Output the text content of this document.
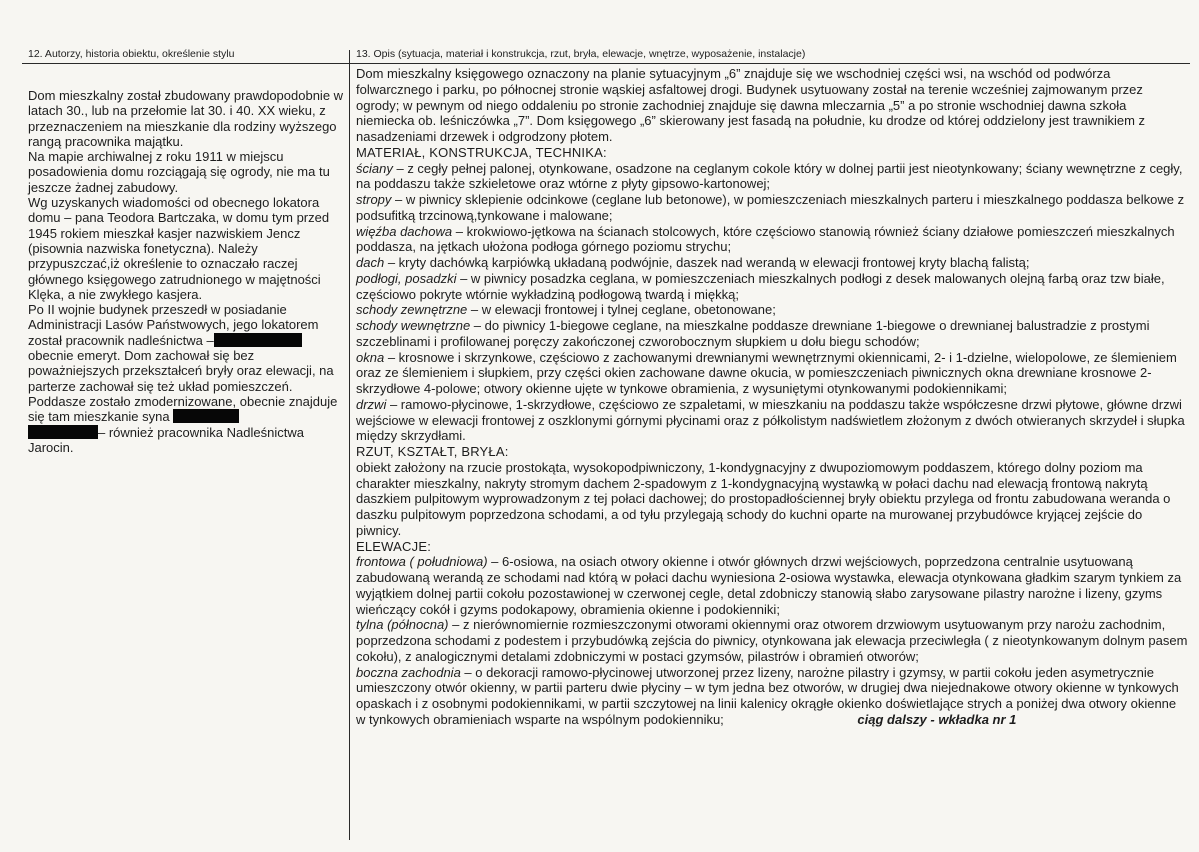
12. Autorzy, historia obiektu, określenie stylu	13. Opis (sytuacja, materiał i konstrukcja, rzut, bryła, elewacje, wnętrze, wyposażenie, instalacje)

Dom mieszkalny został zbudowany prawdopodobnie w latach 30., lub na przełomie lat 30. i 40. XX wieku, z przeznaczeniem na mieszkanie dla rodziny wyższego rangą pracownika majątku.

Na mapie archiwalnej z roku 1911 w miejscu posadowienia domu rozciągają się ogrody, nie ma tu jeszcze żadnej zabudowy.

Wg uzyskanych wiadomości od obecnego lokatora domu – pana Teodora Bartczaka, w domu tym przed 1945 rokiem mieszkał kasjer nazwiskiem Jencz (pisownia nazwiska fonetyczna). Należy przypuszczać,iż określenie to oznaczało raczej głównego księgowego zatrudnionego w majętności Klęka, a nie zwykłego kasjera.

Po II wojnie budynek przeszedł w posiadanie Administracji Lasów Państwowych, jego lokatorem został pracownik nadleśnictwa – obecnie emeryt. Dom zachował się bez poważniejszych przekształceń bryły oraz elewacji, na parterze zachował się też układ pomieszczeń. Poddasze zostało zmodernizowane, obecnie znajduje się tam mieszkanie syna
– również pracownika Nadleśnictwa Jarocin.

Dom mieszkalny księgowego oznaczony na planie sytuacyjnym „6” znajduje się we wschodniej części wsi, na wschód od podwórza folwarcznego i parku, po północnej stronie wąskiej asfaltowej drogi. Budynek usytuowany został na terenie wcześniej zajmowanym przez ogrody; w pewnym od niego oddaleniu po stronie zachodniej znajduje się dawna mleczarnia „5” a po stronie wschodniej dawna szkoła niemiecka ob. leśniczówka „7”. Dom księgowego „6” skierowany jest fasadą na południe, ku drodze od której oddzielony jest trawnikiem z nasadzeniami drzewek i odgrodzony płotem.

MATERIAŁ, KONSTRUKCJA, TECHNIKA:

ściany – z cegły pełnej palonej, otynkowane, osadzone na ceglanym cokole który w dolnej partii jest nieotynkowany; ściany wewnętrzne z cegły, na poddaszu także szkieletowe oraz wtórne z płyty gipsowo-kartonowej;

stropy – w piwnicy sklepienie odcinkowe (ceglane lub betonowe), w pomieszczeniach mieszkalnych parteru i mieszkalnego poddasza belkowe z podsufitką trzcinową,tynkowane i malowane;

więźba dachowa – krokwiowo-jętkowa na ścianach stolcowych, które częściowo stanowią również ściany działowe pomieszczeń mieszkalnych poddasza, na jętkach ułożona podłoga górnego poziomu strychu;

dach – kryty dachówką karpiówką układaną podwójnie, daszek nad werandą w elewacji frontowej kryty blachą falistą;

podłogi, posadzki – w piwnicy posadzka ceglana, w pomieszczeniach mieszkalnych podłogi z desek malowanych olejną farbą oraz tzw białe, częściowo pokryte wtórnie wykładziną podłogową twardą i miękką;

schody zewnętrzne – w elewacji frontowej i tylnej ceglane, obetonowane;

schody wewnętrzne – do piwnicy 1-biegowe ceglane, na mieszkalne poddasze drewniane 1-biegowe o drewnianej balustradzie z prostymi szczeblinami i profilowanej poręczy zakończonej czworobocznym słupkiem u dołu biegu schodów;

okna – krosnowe i skrzynkowe, częściowo z zachowanymi drewnianymi wewnętrznymi okiennicami, 2- i 1-dzielne, wielopolowe, ze ślemieniem oraz ze ślemieniem i słupkiem, przy części okien zachowane dawne okucia, w pomieszczeniach piwnicznych okna drewniane krosnowe 2-skrzydłowe 4-polowe; otwory okienne ujęte w tynkowe obramienia, z wysuniętymi otynkowanymi podokiennikami;

drzwi – ramowo-płycinowe, 1-skrzydłowe, częściowo ze szpaletami, w mieszkaniu na poddaszu także współczesne drzwi płytowe, główne drzwi wejściowe w elewacji frontowej z oszklonymi górnymi płycinami oraz z półkolistym nadświetlem złożonym z dwóch otwieranych skrzydeł i słupka między skrzydłami.

RZUT, KSZTAŁT, BRYŁA:

obiekt założony na rzucie prostokąta, wysokopodpiwniczony, 1-kondygnacyjny z dwupoziomowym poddaszem, którego dolny poziom ma charakter mieszkalny, nakryty stromym dachem 2-spadowym z 1-kondygnacyjną wystawką w połaci dachu nad elewacją frontową nakrytą daszkiem pulpitowym wyprowadzonym z tej połaci dachowej; do prostopadłościennej bryły obiektu przylega od frontu zabudowana weranda o daszku pulpitowym poprzedzona schodami, a od tyłu przylegają schody do kuchni oparte na murowanej przybudówce kryjącej zejście do piwnicy.

ELEWACJE:

frontowa ( południowa) – 6-osiowa, na osiach otwory okienne i otwór głównych drzwi wejściowych, poprzedzona centralnie usytuowaną zabudowaną werandą ze schodami nad którą w połaci dachu wyniesiona 2-osiowa wystawka, elewacja otynkowana gładkim szarym tynkiem za wyjątkiem dolnej partii cokołu pozostawionej w czerwonej cegle, detal zdobniczy stanowią słabo zarysowane pilastry narożne i lizeny, gzyms wieńczący cokół i gzyms podokapowy, obramienia okienne i podokienniki;

tylna (północna) – z nierównomiernie rozmieszczonymi otworami okiennymi oraz otworem drzwiowym usytuowanym przy narożu zachodnim, poprzedzona schodami z podestem i przybudówką zejścia do piwnicy, otynkowana jak elewacja przeciwległa ( z nieotynkowanym dolnym pasem cokołu), z analogicznymi detalami zdobniczymi w postaci gzymsów, pilastrów i obramień otworów;

boczna zachodnia – o dekoracji ramowo-płycinowej utworzonej przez lizeny, narożne pilastry i gzymsy, w partii cokołu jeden asymetrycznie umieszczony otwór okienny, w partii parteru dwie płyciny – w tym jedna bez otworów, w drugiej dwa niejednakowe otwory okienne w tynkowych opaskach i z osobnymi podokiennikami, w partii szczytowej na linii kalenicy okrągłe okienko doświetlające strych a poniżej dwa otwory okienne w tynkowych obramieniach wsparte na wspólnym podokienniku;	ciąg dalszy - wkładka nr 1
